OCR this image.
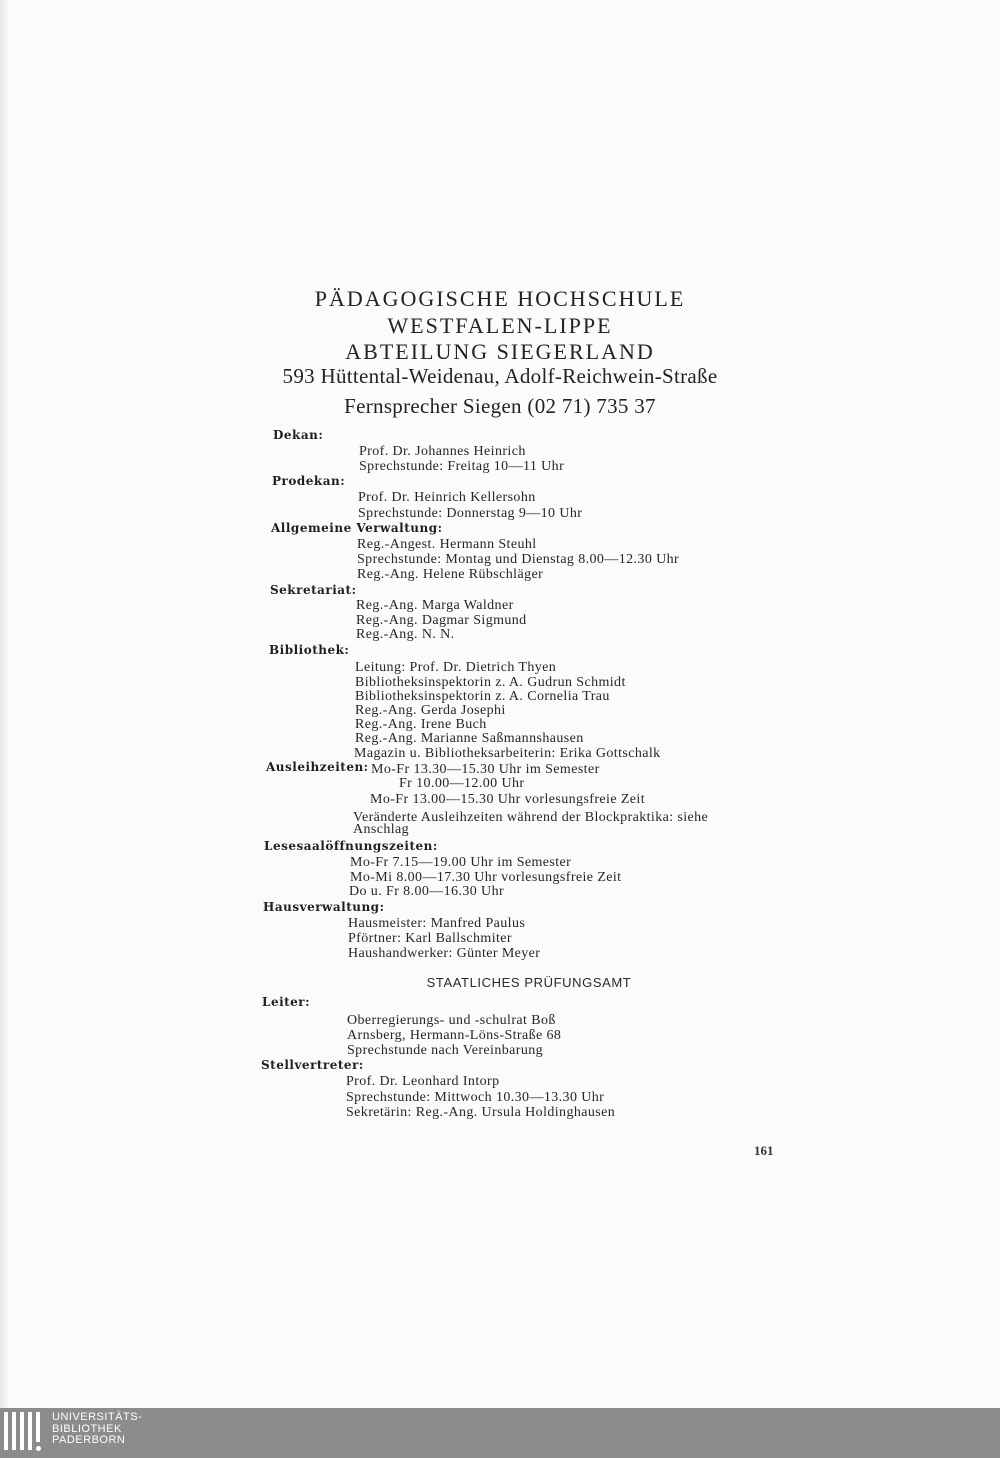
PÄDAGOGISCHE HOCHSCHULE
WESTFALEN-LIPPE
ABTEILUNG SIEGERLAND
593 Hüttental-Weidenau, Adolf-Reichwein-Straße
Fernsprecher Siegen (02 71) 735 37
Dekan:
Prof. Dr. Johannes Heinrich
Sprechstunde: Freitag 10—11 Uhr
Prodekan:
Prof. Dr. Heinrich Kellersohn
Sprechstunde: Donnerstag 9—10 Uhr
Allgemeine Verwaltung:
Reg.-Angest. Hermann Steuhl
Sprechstunde: Montag und Dienstag 8.00—12.30 Uhr
Reg.-Ang. Helene Rübschläger
Sekretariat:
Reg.-Ang. Marga Waldner
Reg.-Ang. Dagmar Sigmund
Reg.-Ang. N. N.
Bibliothek:
Leitung: Prof. Dr. Dietrich Thyen
Bibliotheksinspektorin z. A. Gudrun Schmidt
Bibliotheksinspektorin z. A. Cornelia Trau
Reg.-Ang. Gerda Josephi
Reg.-Ang. Irene Buch
Reg.-Ang. Marianne Saßmannshausen
Magazin u. Bibliotheksarbeiterin: Erika Gottschalk
Ausleihzeiten: Mo-Fr 13.30—15.30 Uhr im Semester
Fr 10.00—12.00 Uhr
Mo-Fr 13.00—15.30 Uhr vorlesungsfreie Zeit
Veränderte Ausleihzeiten während der Blockpraktika: siehe
Anschlag
Lesesaalöffnungszeiten:
Mo-Fr 7.15—19.00 Uhr im Semester
Mo-Mi 8.00—17.30 Uhr vorlesungsfreie Zeit
Do u. Fr 8.00—16.30 Uhr
Hausverwaltung:
Hausmeister: Manfred Paulus
Pförtner: Karl Ballschmiter
Haushandwerker: Günter Meyer
STAATLICHES PRÜFUNGSAMT
Leiter:
Oberregierungs- und -schulrat Boß
Arnsberg, Hermann-Löns-Straße 68
Sprechstunde nach Vereinbarung
Stellvertreter:
Prof. Dr. Leonhard Intorp
Sprechstunde: Mittwoch 10.30—13.30 Uhr
Sekretärin: Reg.-Ang. Ursula Holdinghausen
161
UNIVERSITÄTS-
BIBLIOTHEK
PADERBORN
